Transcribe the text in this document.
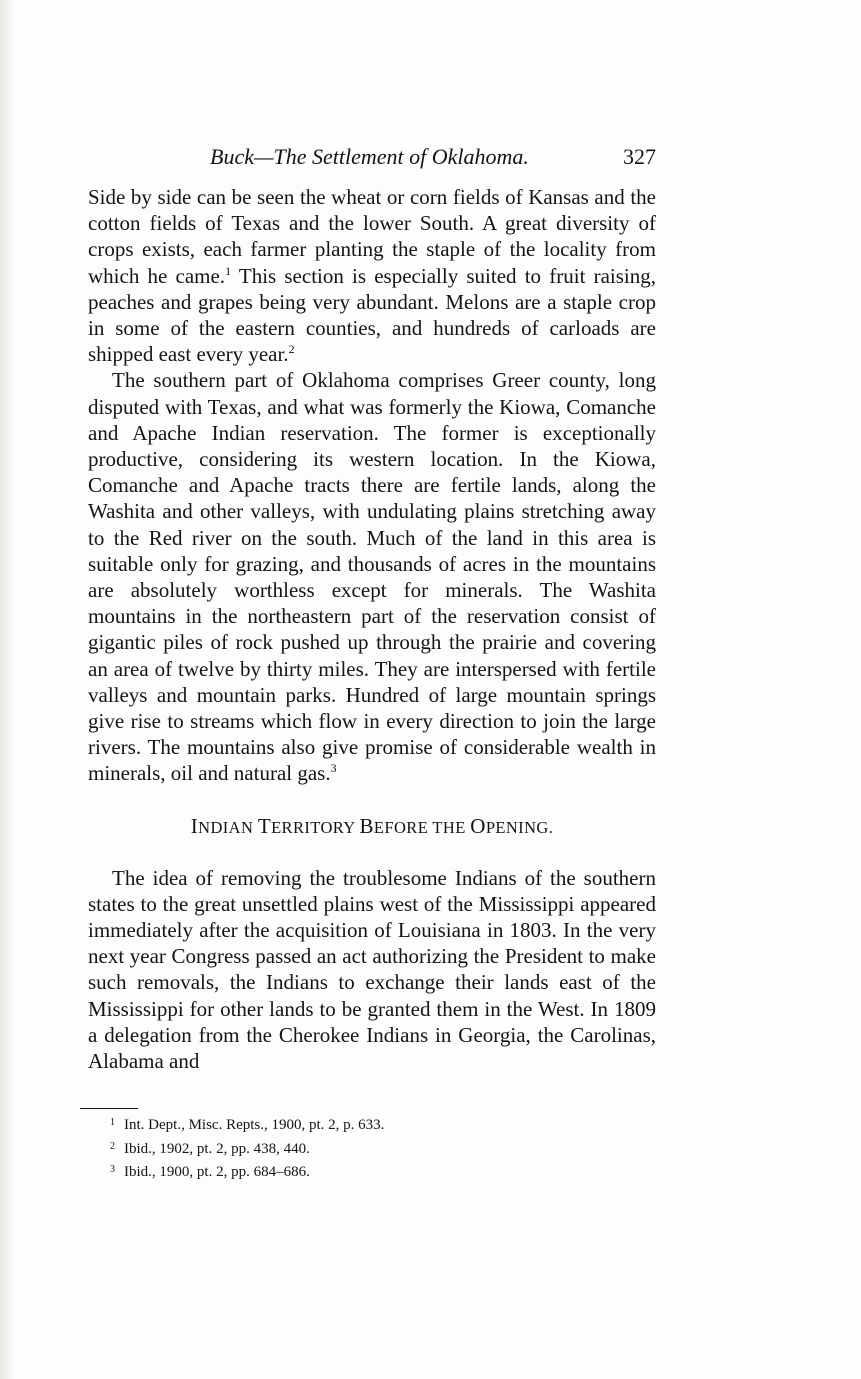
Buck—The Settlement of Oklahoma.	327

Side by side can be seen the wheat or corn fields of Kansas and the cotton fields of Texas and the lower South. A great diversity of crops exists, each farmer planting the staple of the locality from which he came.$^1$ This section is especially suited to fruit raising, peaches and grapes being very abundant. Melons are a staple crop in some of the eastern counties, and hundreds of carloads are shipped east every year.$^2$

The southern part of Oklahoma comprises Greer county, long disputed with Texas, and what was formerly the Kiowa, Comanche and Apache Indian reservation. The former is exceptionally productive, considering its western location. In the Kiowa, Comanche and Apache tracts there are fertile lands, along the Washita and other valleys, with undulating plains stretching away to the Red river on the south. Much of the land in this area is suitable only for grazing, and thousands of acres in the mountains are absolutely worthless except for minerals. The Washita mountains in the northeastern part of the reservation consist of gigantic piles of rock pushed up through the prairie and covering an area of twelve by thirty miles. They are interspersed with fertile valleys and mountain parks. Hundred of large mountain springs give rise to streams which flow in every direction to join the large rivers. The mountains also give promise of considerable wealth in minerals, oil and natural gas.$^3$

INDIAN TERRITORY BEFORE THE OPENING.

The idea of removing the troublesome Indians of the southern states to the great unsettled plains west of the Mississippi appeared immediately after the acquisition of Louisiana in 1803. In the very next year Congress passed an act authorizing the President to make such removals, the Indians to exchange their lands east of the Mississippi for other lands to be granted them in the West. In 1809 a delegation from the Cherokee Indians in Georgia, the Carolinas, Alabama and

1 Int. Dept., Misc. Repts., 1900, pt. 2, p. 633.

2 Ibid., 1902, pt. 2, pp. 438, 440.

3 Ibid., 1900, pt. 2, pp. 684–686.
